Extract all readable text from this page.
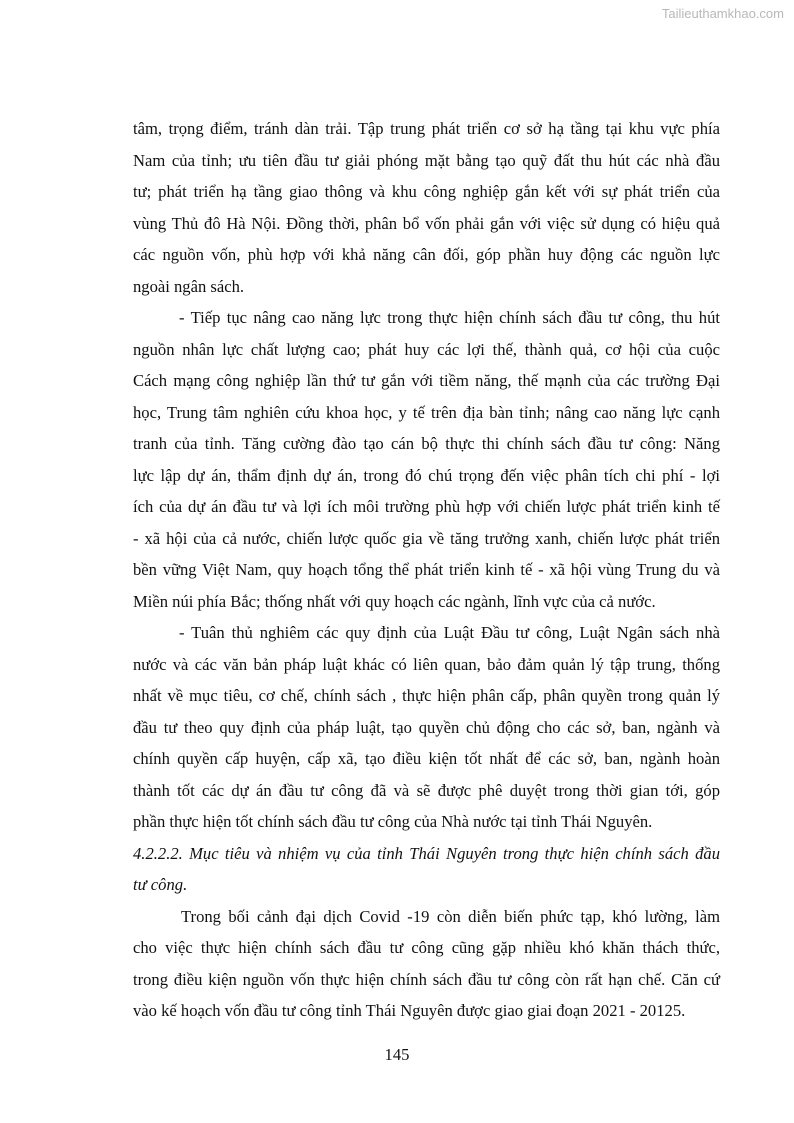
Tailieuthamkhao.com
tâm, trọng điểm, tránh dàn trải. Tập trung phát triển cơ sở hạ tầng tại khu vực phía
Nam của tỉnh; ưu tiên đầu tư giải phóng mặt bằng tạo quỹ đất thu hút các nhà đầu
tư; phát triển hạ tầng giao thông và khu công nghiệp gắn kết với sự phát triển của
vùng Thủ đô Hà Nội. Đồng thời, phân bổ vốn phải gắn với việc sử dụng có hiệu quả
các nguồn vốn, phù hợp với khả năng cân đối, góp phần huy động các nguồn lực
ngoài ngân sách.
- Tiếp tục nâng cao năng lực trong thực hiện chính sách đầu tư công, thu hút
nguồn nhân lực chất lượng cao; phát huy các lợi thế, thành quả, cơ hội của cuộc
Cách mạng công nghiệp lần thứ tư gắn với tiềm năng, thế mạnh của các trường Đại
học, Trung tâm nghiên cứu khoa học, y tế trên địa bàn tỉnh; nâng cao năng lực cạnh
tranh của tỉnh. Tăng cường đào tạo cán bộ thực thi chính sách đầu tư công: Năng
lực lập dự án, thẩm định dự án, trong đó chú trọng đến việc phân tích chi phí - lợi
ích của dự án đầu tư và lợi ích môi trường phù hợp với chiến lược phát triển kinh tế
- xã hội của cả nước, chiến lược quốc gia về tăng trưởng xanh, chiến lược phát triển
bền vững Việt Nam, quy hoạch tổng thể phát triển kinh tế - xã hội vùng Trung du và
Miền núi phía Bắc; thống nhất với quy hoạch các ngành, lĩnh vực của cả nước.
- Tuân thủ nghiêm các quy định của Luật Đầu tư công, Luật Ngân sách nhà
nước và các văn bản pháp luật khác có liên quan, bảo đảm quản lý tập trung, thống
nhất về mục tiêu, cơ chế, chính sách , thực hiện phân cấp, phân quyền trong quản lý
đầu tư theo quy định của pháp luật, tạo quyền chủ động cho các sở, ban, ngành và
chính quyền cấp huyện, cấp xã, tạo điều kiện tốt nhất để các sở, ban, ngành hoàn
thành tốt các dự án đầu tư công đã và sẽ được phê duyệt trong thời gian tới, góp
phần thực hiện tốt chính sách đầu tư công của Nhà nước tại tỉnh Thái Nguyên.
4.2.2.2. Mục tiêu và nhiệm vụ của tỉnh Thái Nguyên trong thực hiện chính sách đầu
tư công.
Trong bối cảnh đại dịch Covid -19 còn diễn biến phức tạp, khó lường, làm
cho việc thực hiện chính sách đầu tư công cũng gặp nhiều khó khăn thách thức,
trong điều kiện nguồn vốn thực hiện chính sách đầu tư công còn rất hạn chế. Căn cứ
vào kế hoạch vốn đầu tư công tỉnh Thái Nguyên được giao giai đoạn 2021 - 20125.
145
